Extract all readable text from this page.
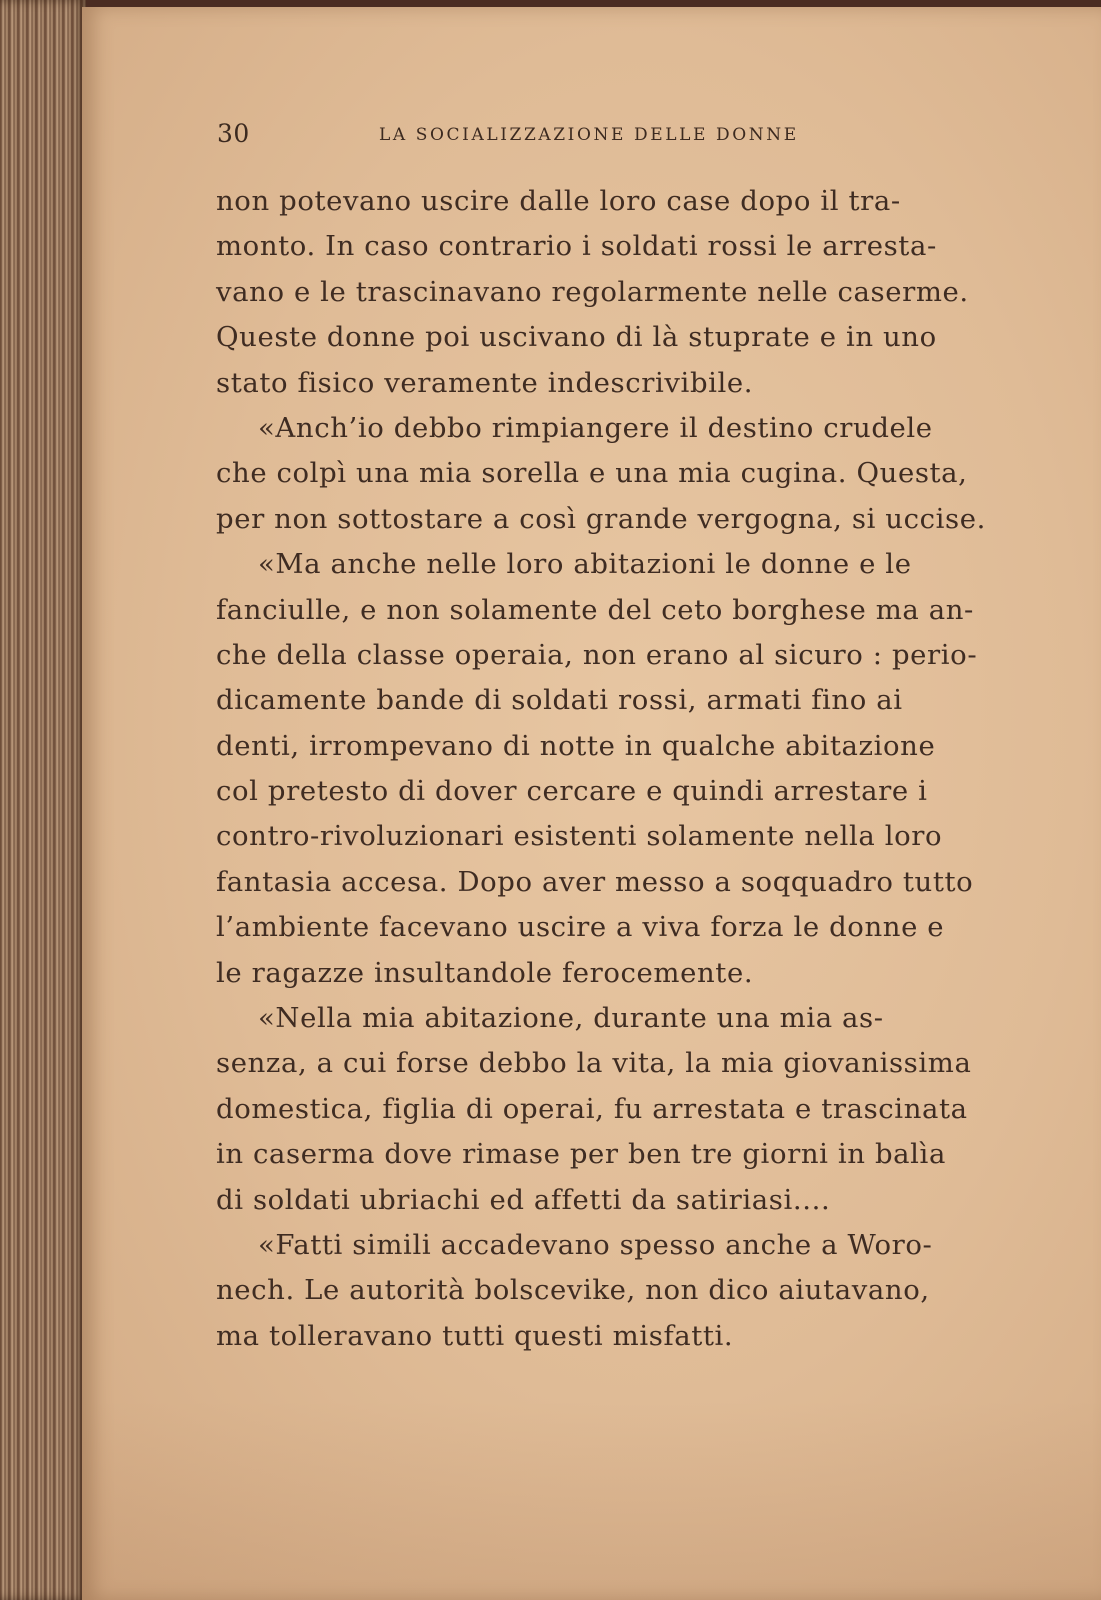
30	LA SOCIALIZZAZIONE DELLE DONNE
non potevano uscire dalle loro case dopo il tra-
monto. In caso contrario i soldati rossi le arresta-
vano e le trascinavano regolarmente nelle caserme.
Queste donne poi uscivano di là stuprate e in uno
stato fisico veramente indescrivibile.
«Anch’io debbo rimpiangere il destino crudele
che colpì una mia sorella e una mia cugina. Questa,
per non sottostare a così grande vergogna, si uccise.
«Ma anche nelle loro abitazioni le donne e le
fanciulle, e non solamente del ceto borghese ma an-
che della classe operaia, non erano al sicuro : perio-
dicamente bande di soldati rossi, armati fino ai
denti, irrompevano di notte in qualche abitazione
col pretesto di dover cercare e quindi arrestare i
contro-rivoluzionari esistenti solamente nella loro
fantasia accesa. Dopo aver messo a soqquadro tutto
l’ambiente facevano uscire a viva forza le donne e
le ragazze insultandole ferocemente.
«Nella mia abitazione, durante una mia as-
senza, a cui forse debbo la vita, la mia giovanissima
domestica, figlia di operai, fu arrestata e trascinata
in caserma dove rimase per ben tre giorni in balìa
di soldati ubriachi ed affetti da satiriasi....
«Fatti simili accadevano spesso anche a Woro-
nech. Le autorità bolscevike, non dico aiutavano,
ma tolleravano tutti questi misfatti.
